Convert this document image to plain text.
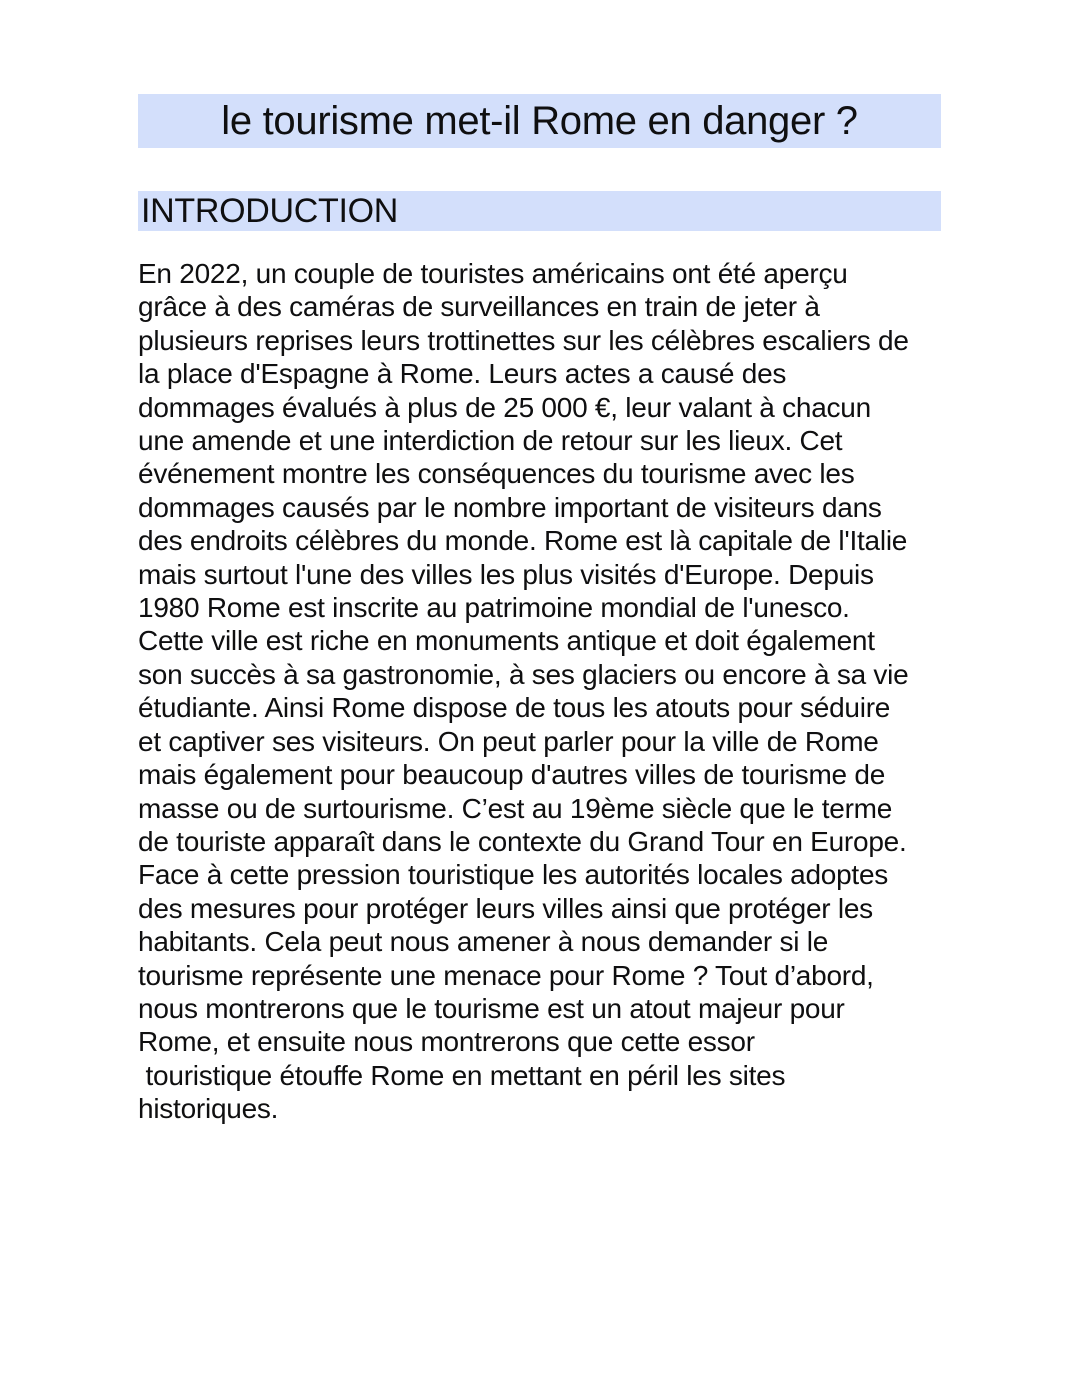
le tourisme met-il Rome en danger ?
INTRODUCTION
En 2022, un couple de touristes américains ont été aperçu
grâce à des caméras de surveillances en train de jeter à
plusieurs reprises leurs trottinettes sur les célèbres escaliers de
la place d'Espagne à Rome. Leurs actes a causé des
dommages évalués à plus de 25 000 €, leur valant à chacun
une amende et une interdiction de retour sur les lieux. Cet
événement montre les conséquences du tourisme avec les
dommages causés par le nombre important de visiteurs dans
des endroits célèbres du monde. Rome est là capitale de l'Italie
mais surtout l'une des villes les plus visités d'Europe. Depuis
1980 Rome est inscrite au patrimoine mondial de l'unesco.
Cette ville est riche en monuments antique et doit également
son succès à sa gastronomie, à ses glaciers ou encore à sa vie
étudiante. Ainsi Rome dispose de tous les atouts pour séduire
et captiver ses visiteurs. On peut parler pour la ville de Rome
mais également pour beaucoup d'autres villes de tourisme de
masse ou de surtourisme. C’est au 19ème siècle que le terme
de touriste apparaît dans le contexte du Grand Tour en Europe.
Face à cette pression touristique les autorités locales adoptes
des mesures pour protéger leurs villes ainsi que protéger les
habitants. Cela peut nous amener à nous demander si le
tourisme représente une menace pour Rome ? Tout d’abord,
nous montrerons que le tourisme est un atout majeur pour
Rome, et ensuite nous montrerons que cette essor
touristique étouffe Rome en mettant en péril les sites
historiques.
